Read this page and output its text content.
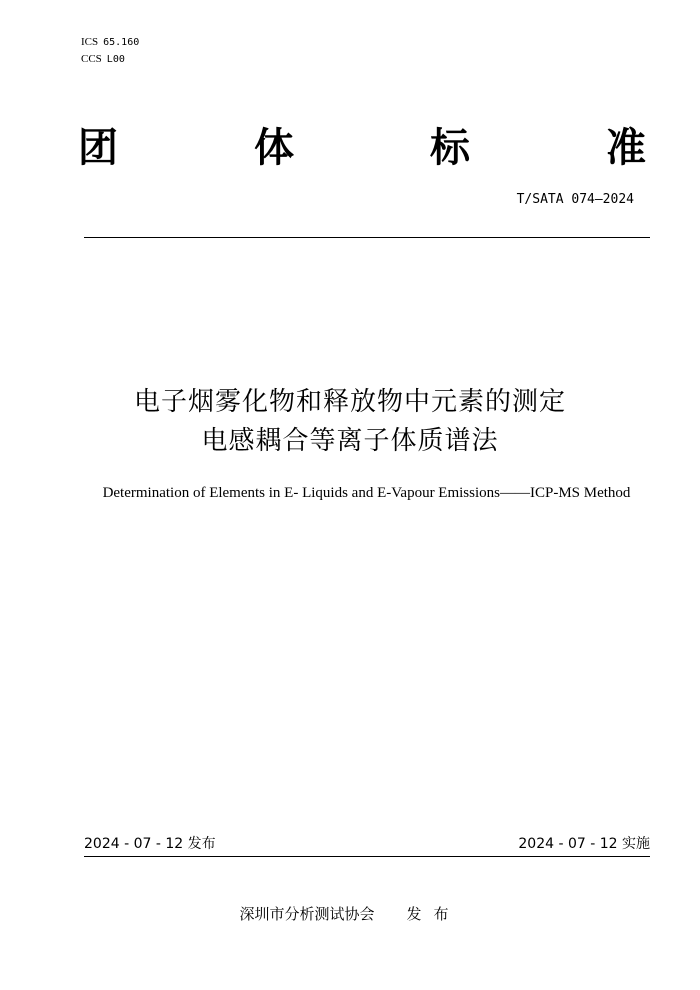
ICS 65.160
CCS L00
团	体	标	准
T/SATA 074—2024
电子烟雾化物和释放物中元素的测定
电感耦合等离子体质谱法
Determination of Elements in E- Liquids and E-Vapour Emissions——ICP-MS Method
2024 - 07 - 12 发布	2024 - 07 - 12 实施
深圳市分析测试协会 发布
